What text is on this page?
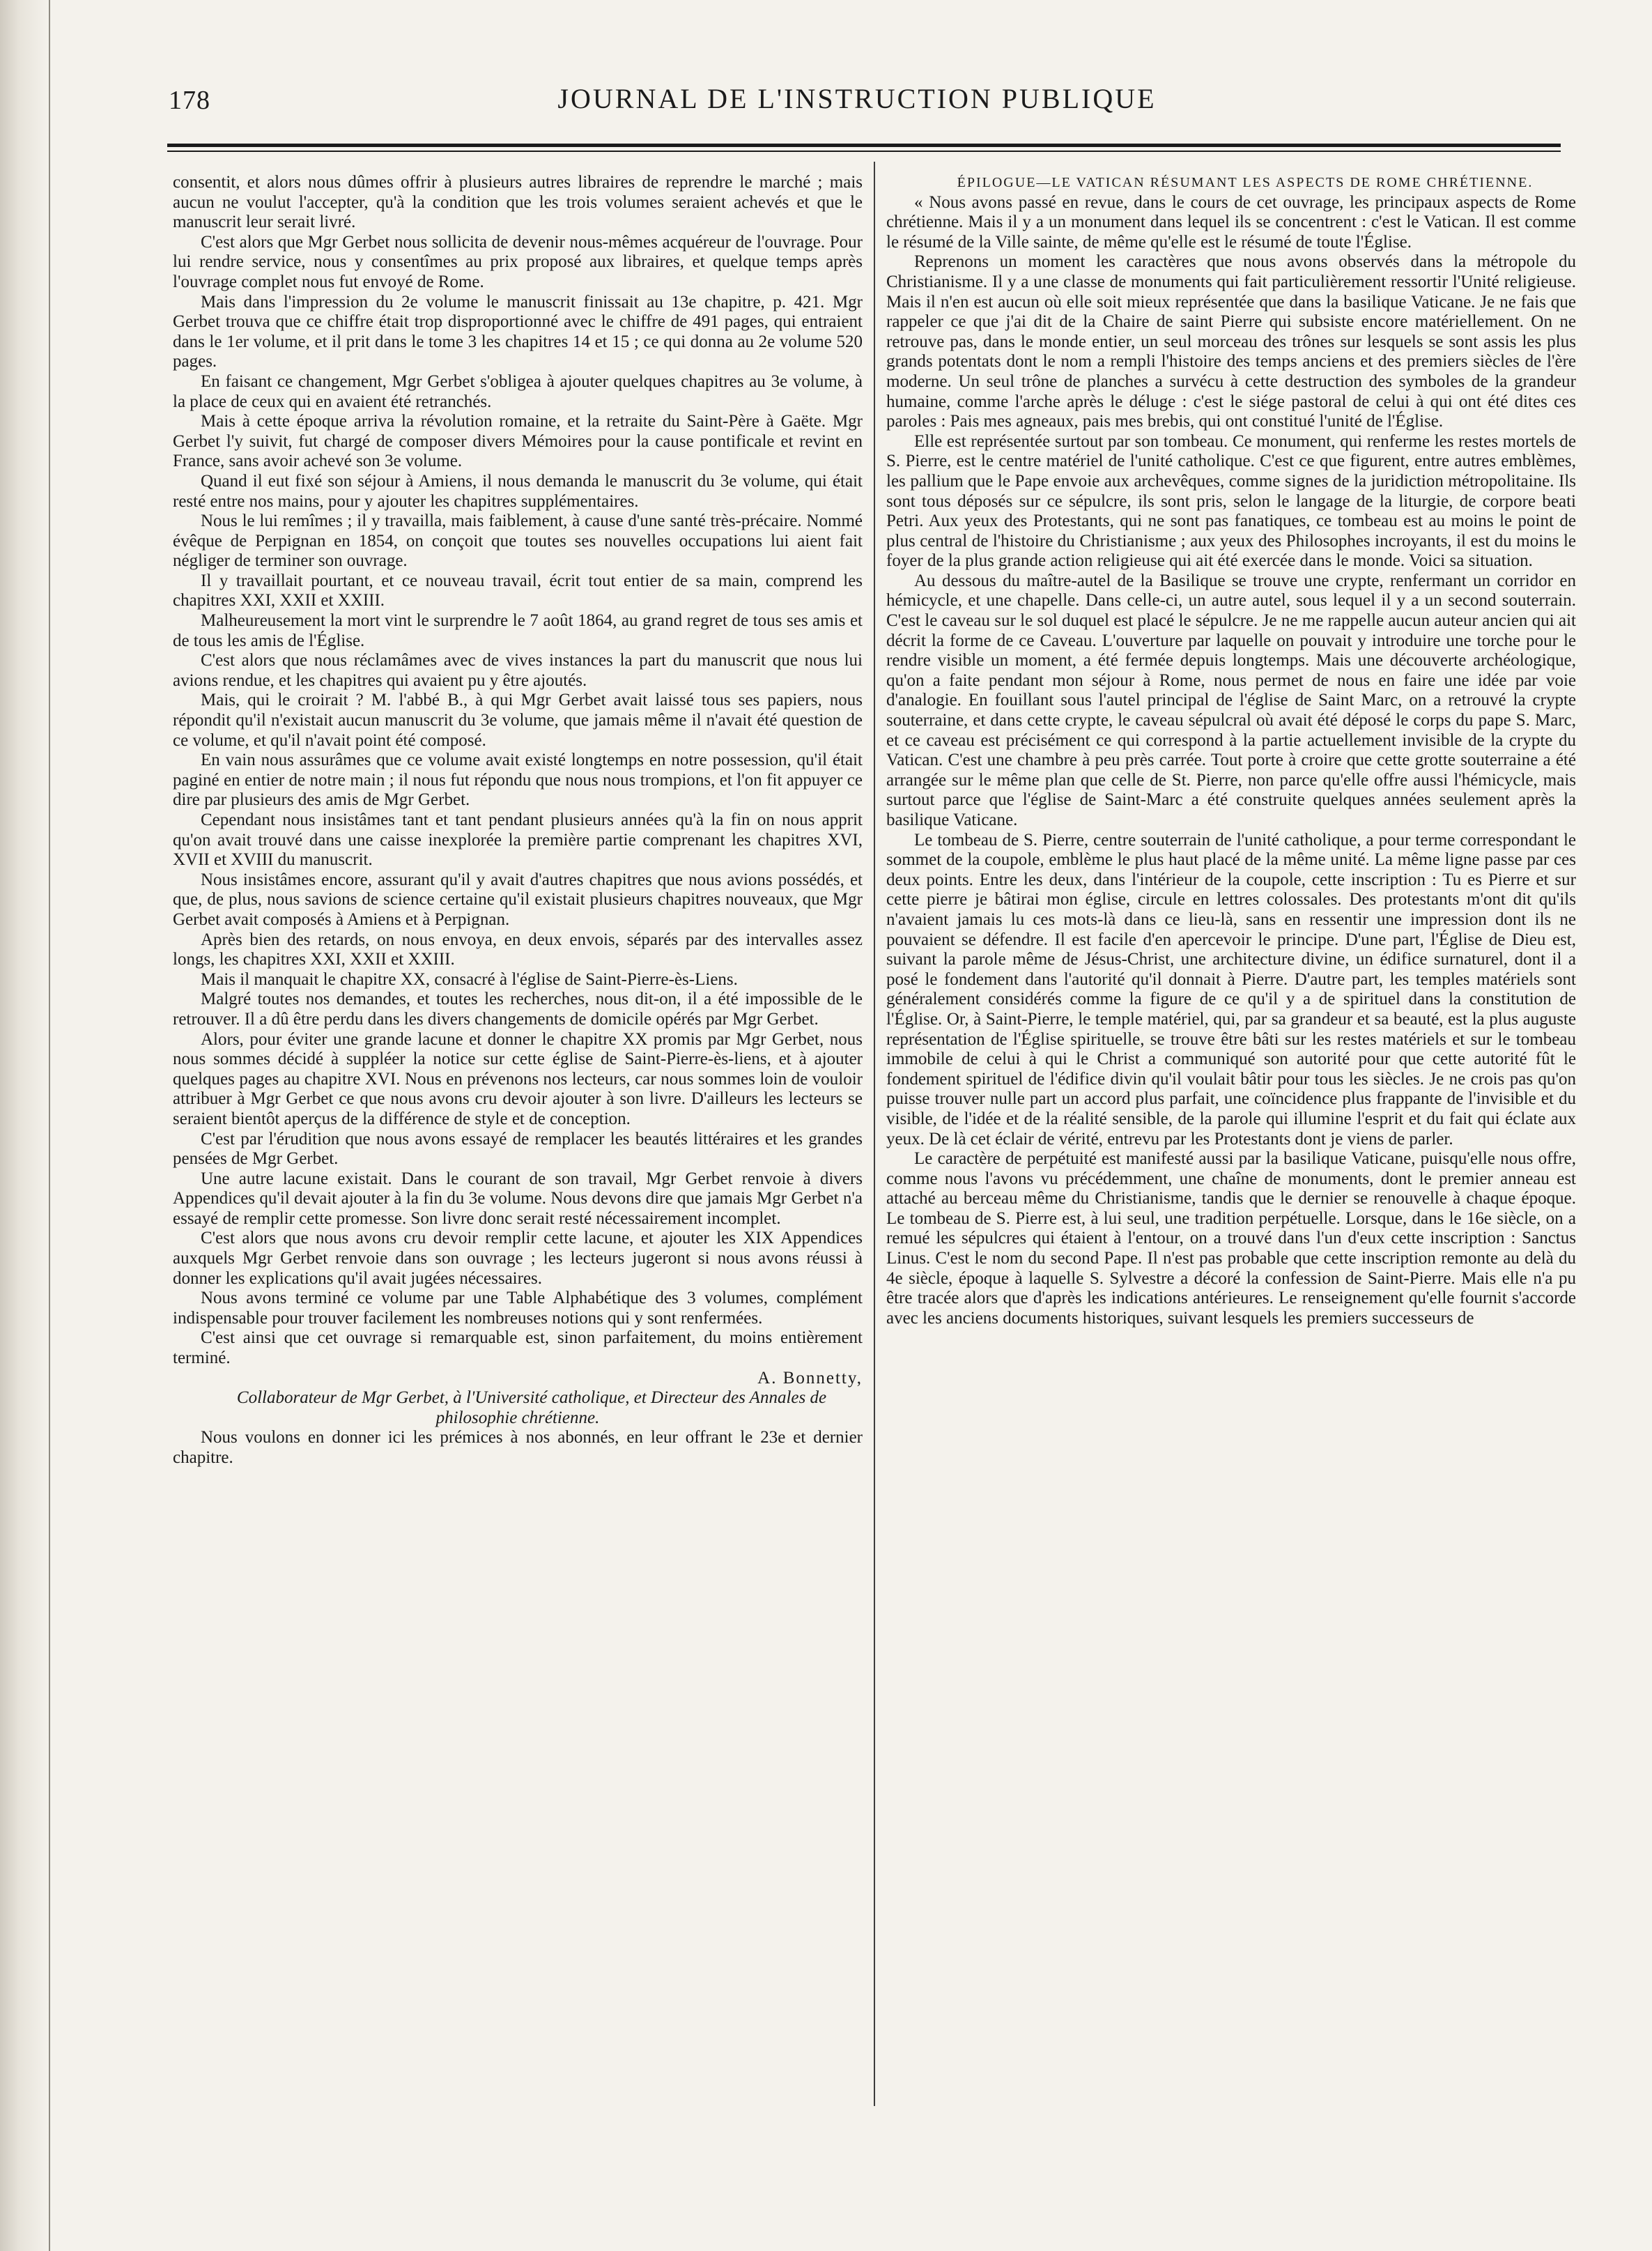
178	JOURNAL DE L'INSTRUCTION PUBLIQUE

consentit, et alors nous dûmes offrir à plusieurs autres libraires de reprendre le marché ; mais aucun ne voulut l'accepter, qu'à la condition que les trois volumes seraient achevés et que le manuscrit leur serait livré.

C'est alors que Mgr Gerbet nous sollicita de devenir nous-mêmes acquéreur de l'ouvrage. Pour lui rendre service, nous y consentîmes au prix proposé aux libraires, et quelque temps après l'ouvrage complet nous fut envoyé de Rome.

Mais dans l'impression du 2e volume le manuscrit finissait au 13e chapitre, p. 421. Mgr Gerbet trouva que ce chiffre était trop disproportionné avec le chiffre de 491 pages, qui entraient dans le 1er volume, et il prit dans le tome 3 les chapitres 14 et 15 ; ce qui donna au 2e volume 520 pages.

En faisant ce changement, Mgr Gerbet s'obligea à ajouter quelques chapitres au 3e volume, à la place de ceux qui en avaient été retranchés.

Mais à cette époque arriva la révolution romaine, et la retraite du Saint-Père à Gaëte. Mgr Gerbet l'y suivit, fut chargé de composer divers Mémoires pour la cause pontificale et revint en France, sans avoir achevé son 3e volume.

Quand il eut fixé son séjour à Amiens, il nous demanda le manuscrit du 3e volume, qui était resté entre nos mains, pour y ajouter les chapitres supplémentaires.

Nous le lui remîmes ; il y travailla, mais faiblement, à cause d'une santé très-précaire. Nommé évêque de Perpignan en 1854, on conçoit que toutes ses nouvelles occupations lui aient fait négliger de terminer son ouvrage.

Il y travaillait pourtant, et ce nouveau travail, écrit tout entier de sa main, comprend les chapitres XXI, XXII et XXIII.

Malheureusement la mort vint le surprendre le 7 août 1864, au grand regret de tous ses amis et de tous les amis de l'Église.

C'est alors que nous réclamâmes avec de vives instances la part du manuscrit que nous lui avions rendue, et les chapitres qui avaient pu y être ajoutés.

Mais, qui le croirait ? M. l'abbé B., à qui Mgr Gerbet avait laissé tous ses papiers, nous répondit qu'il n'existait aucun manuscrit du 3e volume, que jamais même il n'avait été question de ce volume, et qu'il n'avait point été composé.

En vain nous assurâmes que ce volume avait existé longtemps en notre possession, qu'il était paginé en entier de notre main ; il nous fut répondu que nous nous trompions, et l'on fit appuyer ce dire par plusieurs des amis de Mgr Gerbet.

Cependant nous insistâmes tant et tant pendant plusieurs années qu'à la fin on nous apprit qu'on avait trouvé dans une caisse inexplorée la première partie comprenant les chapitres XVI, XVII et XVIII du manuscrit.

Nous insistâmes encore, assurant qu'il y avait d'autres chapitres que nous avions possédés, et que, de plus, nous savions de science certaine qu'il existait plusieurs chapitres nouveaux, que Mgr Gerbet avait composés à Amiens et à Perpignan.

Après bien des retards, on nous envoya, en deux envois, séparés par des intervalles assez longs, les chapitres XXI, XXII et XXIII.

Mais il manquait le chapitre XX, consacré à l'église de Saint-Pierre-ès-Liens.

Malgré toutes nos demandes, et toutes les recherches, nous dit-on, il a été impossible de le retrouver. Il a dû être perdu dans les divers changements de domicile opérés par Mgr Gerbet.

Alors, pour éviter une grande lacune et donner le chapitre XX promis par Mgr Gerbet, nous nous sommes décidé à suppléer la notice sur cette église de Saint-Pierre-ès-liens, et à ajouter quelques pages au chapitre XVI. Nous en prévenons nos lecteurs, car nous sommes loin de vouloir attribuer à Mgr Gerbet ce que nous avons cru devoir ajouter à son livre. D'ailleurs les lecteurs se seraient bientôt aperçus de la différence de style et de conception.

C'est par l'érudition que nous avons essayé de remplacer les beautés littéraires et les grandes pensées de Mgr Gerbet.

Une autre lacune existait. Dans le courant de son travail, Mgr Gerbet renvoie à divers Appendices qu'il devait ajouter à la fin du 3e volume. Nous devons dire que jamais Mgr Gerbet n'a essayé de remplir cette promesse. Son livre donc serait resté nécessairement incomplet.

C'est alors que nous avons cru devoir remplir cette lacune, et ajouter les XIX Appendices auxquels Mgr Gerbet renvoie dans son ouvrage ; les lecteurs jugeront si nous avons réussi à donner les explications qu'il avait jugées nécessaires.

Nous avons terminé ce volume par une Table Alphabétique des 3 volumes, complément indispensable pour trouver facilement les nombreuses notions qui y sont renfermées.

C'est ainsi que cet ouvrage si remarquable est, sinon parfaitement, du moins entièrement terminé.

A. Bonnetty,

Collaborateur de Mgr Gerbet, à l'Université catholique, et Directeur des Annales de philosophie chrétienne.

Nous voulons en donner ici les prémices à nos abonnés, en leur offrant le 23e et dernier chapitre.

ÉPILOGUE—LE VATICAN RÉSUMANT LES ASPECTS DE ROME CHRÉTIENNE.

« Nous avons passé en revue, dans le cours de cet ouvrage, les principaux aspects de Rome chrétienne. Mais il y a un monument dans lequel ils se concentrent : c'est le Vatican. Il est comme le résumé de la Ville sainte, de même qu'elle est le résumé de toute l'Église.

Reprenons un moment les caractères que nous avons observés dans la métropole du Christianisme. Il y a une classe de monuments qui fait particulièrement ressortir l'Unité religieuse. Mais il n'en est aucun où elle soit mieux représentée que dans la basilique Vaticane. Je ne fais que rappeler ce que j'ai dit de la Chaire de saint Pierre qui subsiste encore matériellement. On ne retrouve pas, dans le monde entier, un seul morceau des trônes sur lesquels se sont assis les plus grands potentats dont le nom a rempli l'histoire des temps anciens et des premiers siècles de l'ère moderne. Un seul trône de planches a survécu à cette destruction des symboles de la grandeur humaine, comme l'arche après le déluge : c'est le siége pastoral de celui à qui ont été dites ces paroles : Pais mes agneaux, pais mes brebis, qui ont constitué l'unité de l'Église.

Elle est représentée surtout par son tombeau. Ce monument, qui renferme les restes mortels de S. Pierre, est le centre matériel de l'unité catholique. C'est ce que figurent, entre autres emblèmes, les pallium que le Pape envoie aux archevêques, comme signes de la juridiction métropolitaine. Ils sont tous déposés sur ce sépulcre, ils sont pris, selon le langage de la liturgie, de corpore beati Petri. Aux yeux des Protestants, qui ne sont pas fanatiques, ce tombeau est au moins le point de plus central de l'histoire du Christianisme ; aux yeux des Philosophes incroyants, il est du moins le foyer de la plus grande action religieuse qui ait été exercée dans le monde. Voici sa situation.

Au dessous du maître-autel de la Basilique se trouve une crypte, renfermant un corridor en hémicycle, et une chapelle. Dans celle-ci, un autre autel, sous lequel il y a un second souterrain. C'est le caveau sur le sol duquel est placé le sépulcre. Je ne me rappelle aucun auteur ancien qui ait décrit la forme de ce Caveau. L'ouverture par laquelle on pouvait y introduire une torche pour le rendre visible un moment, a été fermée depuis longtemps. Mais une découverte archéologique, qu'on a faite pendant mon séjour à Rome, nous permet de nous en faire une idée par voie d'analogie. En fouillant sous l'autel principal de l'église de Saint Marc, on a retrouvé la crypte souterraine, et dans cette crypte, le caveau sépulcral où avait été déposé le corps du pape S. Marc, et ce caveau est précisément ce qui correspond à la partie actuellement invisible de la crypte du Vatican. C'est une chambre à peu près carrée. Tout porte à croire que cette grotte souterraine a été arrangée sur le même plan que celle de St. Pierre, non parce qu'elle offre aussi l'hémicycle, mais surtout parce que l'église de Saint-Marc a été construite quelques années seulement après la basilique Vaticane.

Le tombeau de S. Pierre, centre souterrain de l'unité catholique, a pour terme correspondant le sommet de la coupole, emblème le plus haut placé de la même unité. La même ligne passe par ces deux points. Entre les deux, dans l'intérieur de la coupole, cette inscription : Tu es Pierre et sur cette pierre je bâtirai mon église, circule en lettres colossales. Des protestants m'ont dit qu'ils n'avaient jamais lu ces mots-là dans ce lieu-là, sans en ressentir une impression dont ils ne pouvaient se défendre. Il est facile d'en apercevoir le principe. D'une part, l'Église de Dieu est, suivant la parole même de Jésus-Christ, une architecture divine, un édifice surnaturel, dont il a posé le fondement dans l'autorité qu'il donnait à Pierre. D'autre part, les temples matériels sont généralement considérés comme la figure de ce qu'il y a de spirituel dans la constitution de l'Église. Or, à Saint-Pierre, le temple matériel, qui, par sa grandeur et sa beauté, est la plus auguste représentation de l'Église spirituelle, se trouve être bâti sur les restes matériels et sur le tombeau immobile de celui à qui le Christ a communiqué son autorité pour que cette autorité fût le fondement spirituel de l'édifice divin qu'il voulait bâtir pour tous les siècles. Je ne crois pas qu'on puisse trouver nulle part un accord plus parfait, une coïncidence plus frappante de l'invisible et du visible, de l'idée et de la réalité sensible, de la parole qui illumine l'esprit et du fait qui éclate aux yeux. De là cet éclair de vérité, entrevu par les Protestants dont je viens de parler.

Le caractère de perpétuité est manifesté aussi par la basilique Vaticane, puisqu'elle nous offre, comme nous l'avons vu précédemment, une chaîne de monuments, dont le premier anneau est attaché au berceau même du Christianisme, tandis que le dernier se renouvelle à chaque époque. Le tombeau de S. Pierre est, à lui seul, une tradition perpétuelle. Lorsque, dans le 16e siècle, on a remué les sépulcres qui étaient à l'entour, on a trouvé dans l'un d'eux cette inscription : Sanctus Linus. C'est le nom du second Pape. Il n'est pas probable que cette inscription remonte au delà du 4e siècle, époque à laquelle S. Sylvestre a décoré la confession de Saint-Pierre. Mais elle n'a pu être tracée alors que d'après les indications antérieures. Le renseignement qu'elle fournit s'accorde avec les anciens documents historiques, suivant lesquels les premiers successeurs de
